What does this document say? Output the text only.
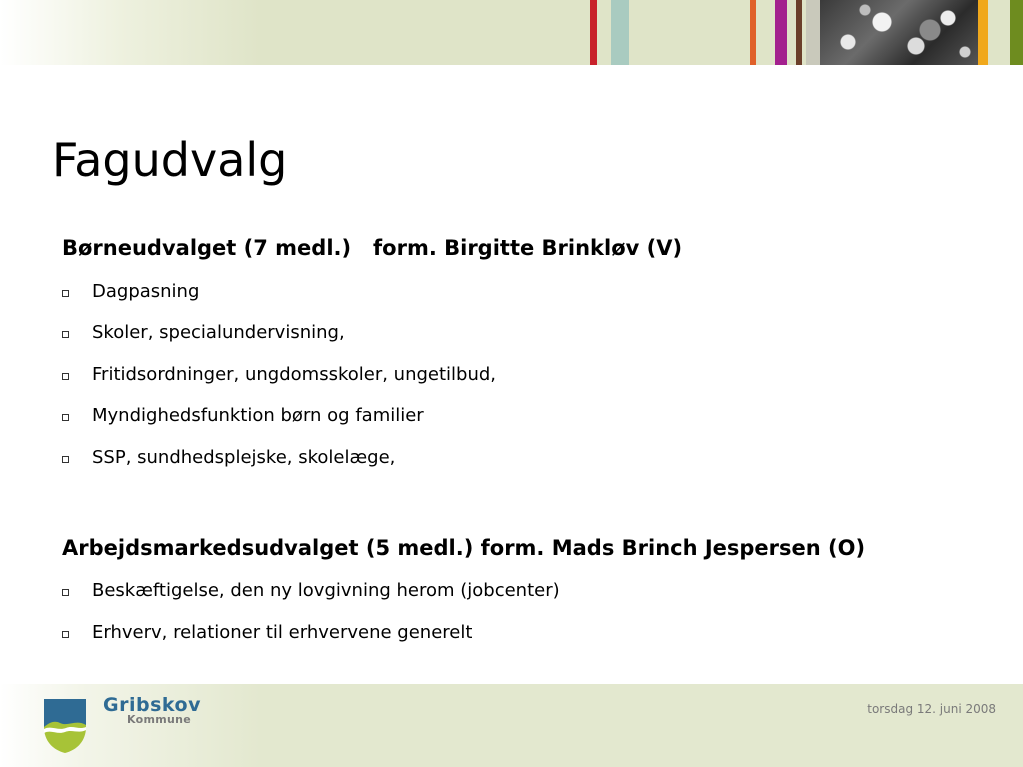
Fagudvalg
Børneudvalget (7 medl.)   form. Birgitte Brinkløv (V)
Dagpasning
Skoler, specialundervisning,
Fritidsordninger, ungdomsskoler, ungetilbud,
Myndighedsfunktion børn og familier
SSP, sundhedsplejske, skolelæge,
Arbejdsmarkedsudvalget (5 medl.) form. Mads Brinch Jespersen (O)
Beskæftigelse, den ny lovgivning herom (jobcenter)
Erhverv, relationer til erhvervene generelt
Gribskov
Kommune
torsdag 12. juni 2008
